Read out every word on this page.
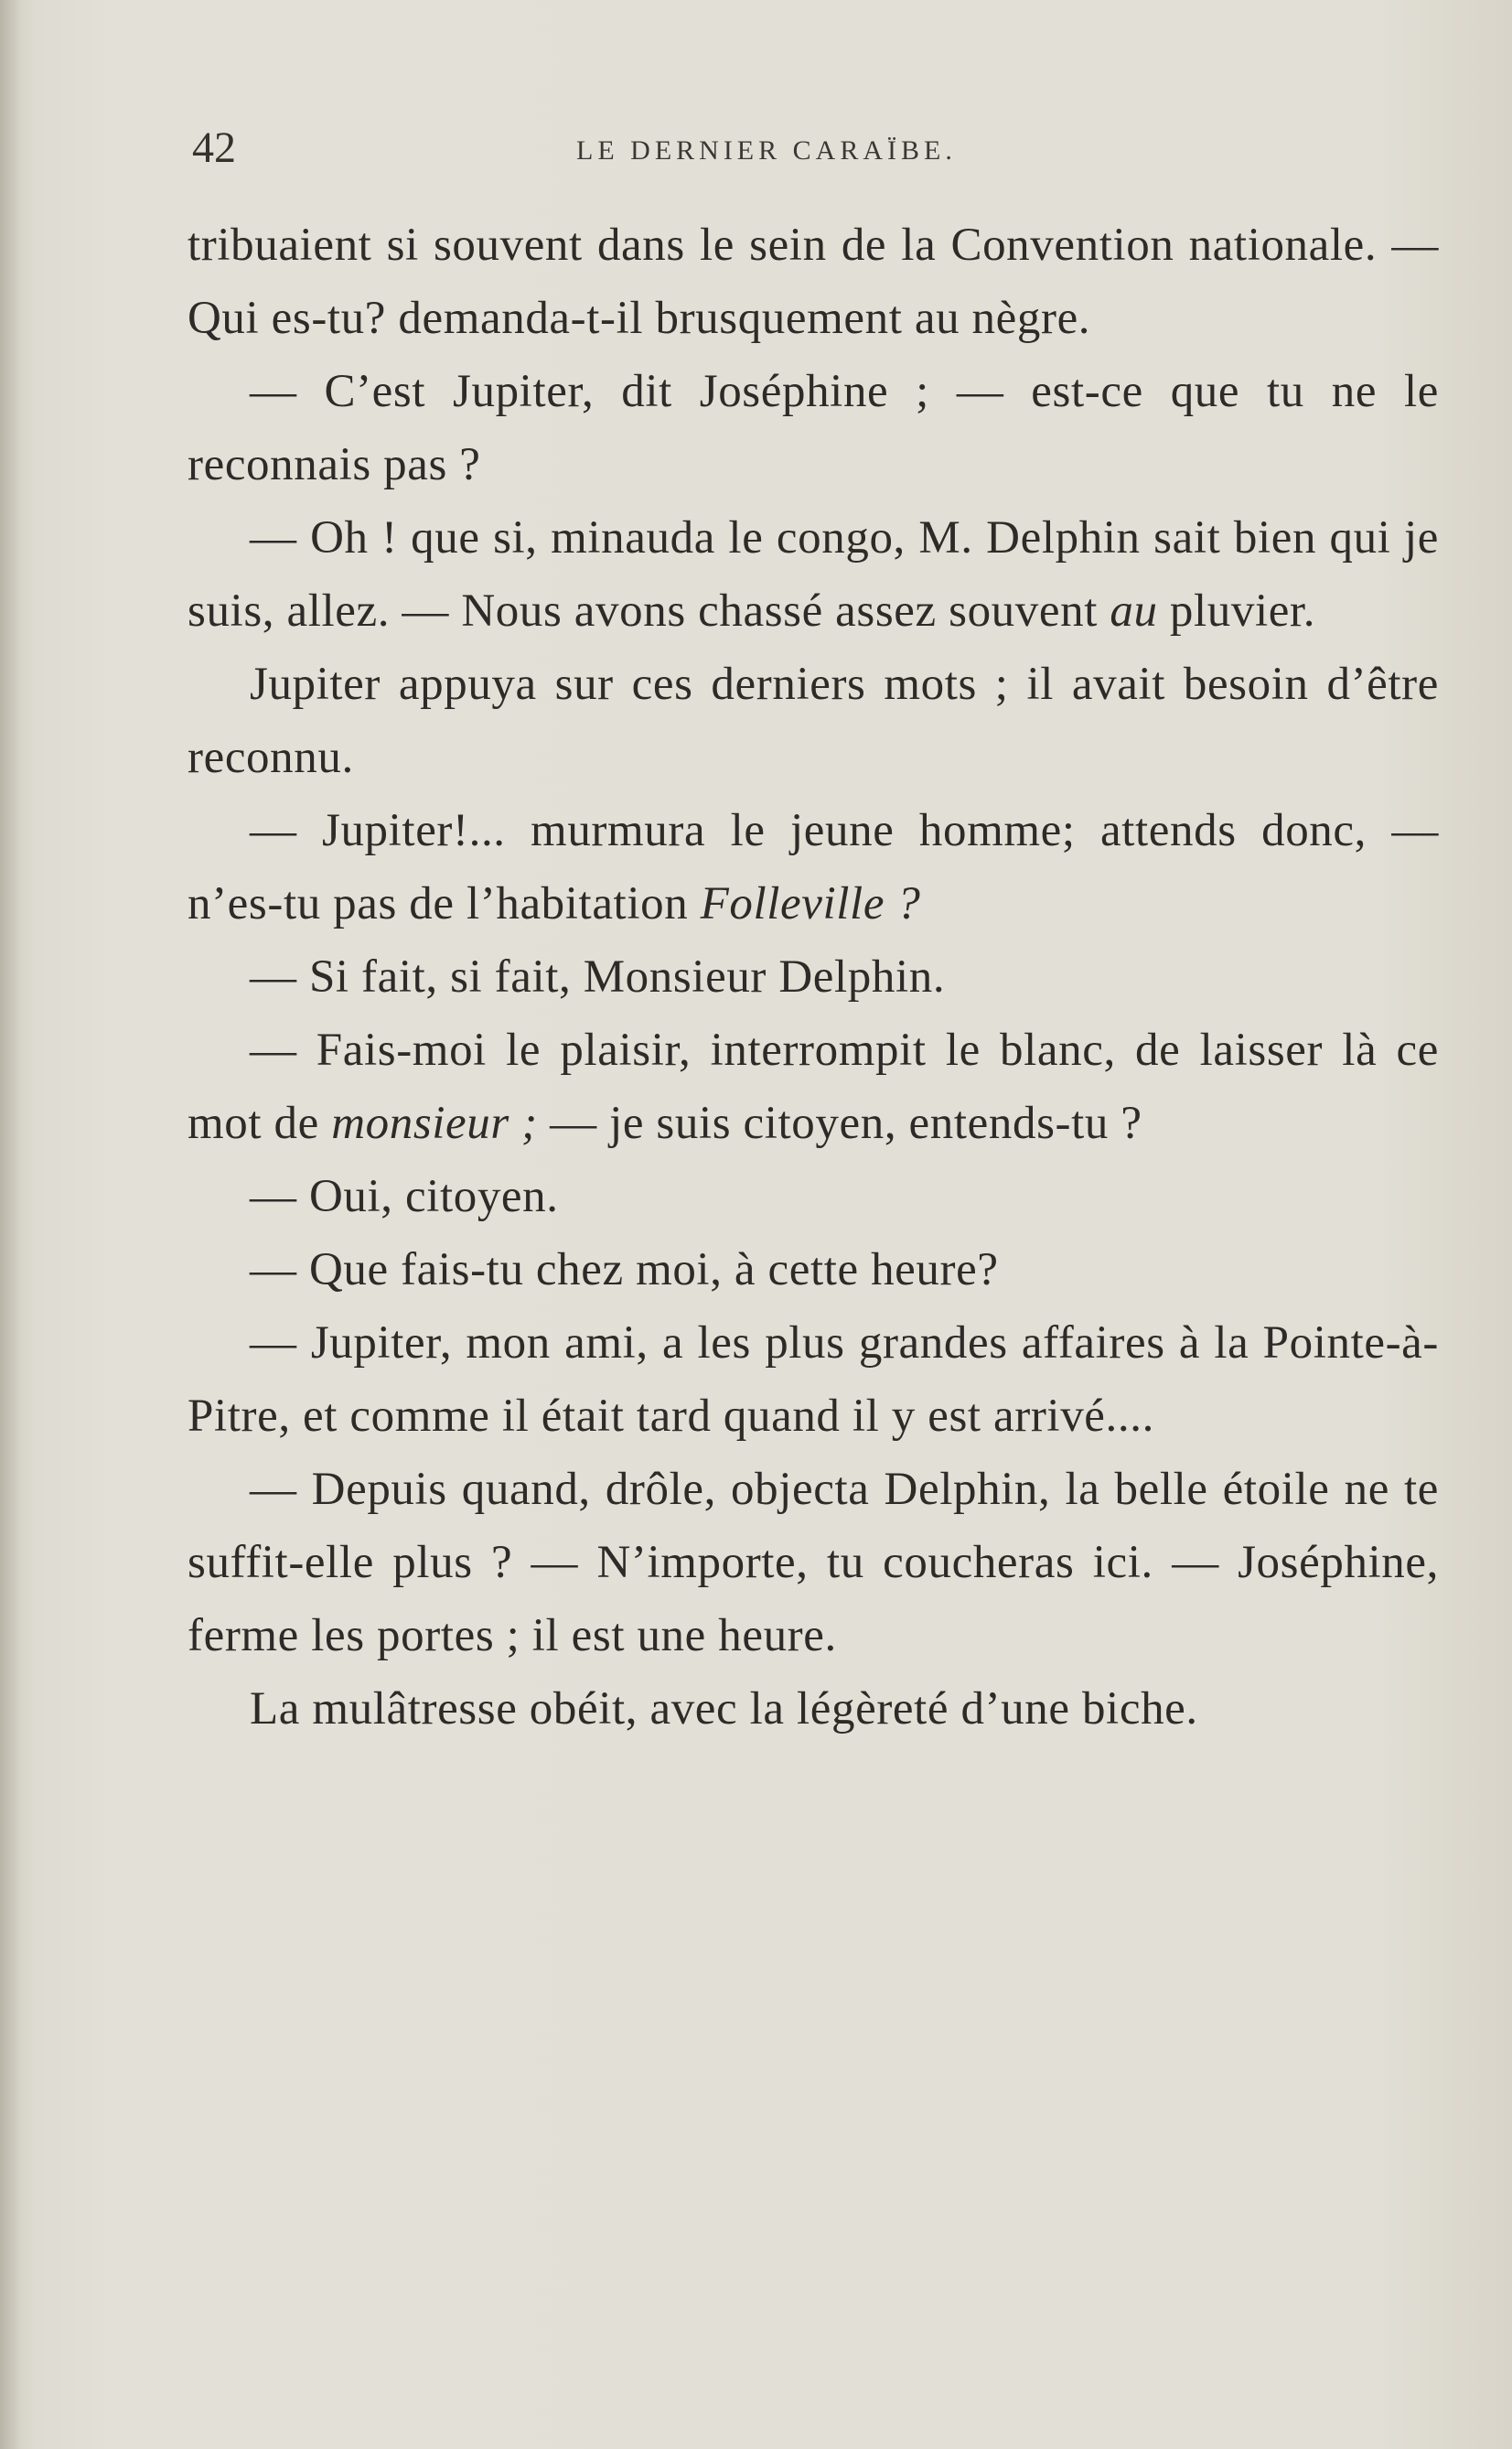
42	LE DERNIER CARAÏBE.

tribuaient si souvent dans le sein de la Convention nationale. — Qui es-tu? demanda-t-il brusquement au nègre.

— C’est Jupiter, dit Joséphine ; — est-ce que tu ne le reconnais pas ?

— Oh ! que si, minauda le congo, M. Delphin sait bien qui je suis, allez. — Nous avons chassé assez souvent au pluvier.

Jupiter appuya sur ces derniers mots ; il avait besoin d’être reconnu.

— Jupiter!... murmura le jeune homme; attends donc, — n’es-tu pas de l’habitation Folleville ?

— Si fait, si fait, Monsieur Delphin.

— Fais-moi le plaisir, interrompit le blanc, de laisser là ce mot de monsieur ; — je suis citoyen, entends-tu ?

— Oui, citoyen.

— Que fais-tu chez moi, à cette heure?

— Jupiter, mon ami, a les plus grandes affaires à la Pointe-à-Pitre, et comme il était tard quand il y est arrivé....

— Depuis quand, drôle, objecta Delphin, la belle étoile ne te suffit-elle plus ? — N’importe, tu coucheras ici. — Joséphine, ferme les portes ; il est une heure.

La mulâtresse obéit, avec la légèreté d’une biche.
